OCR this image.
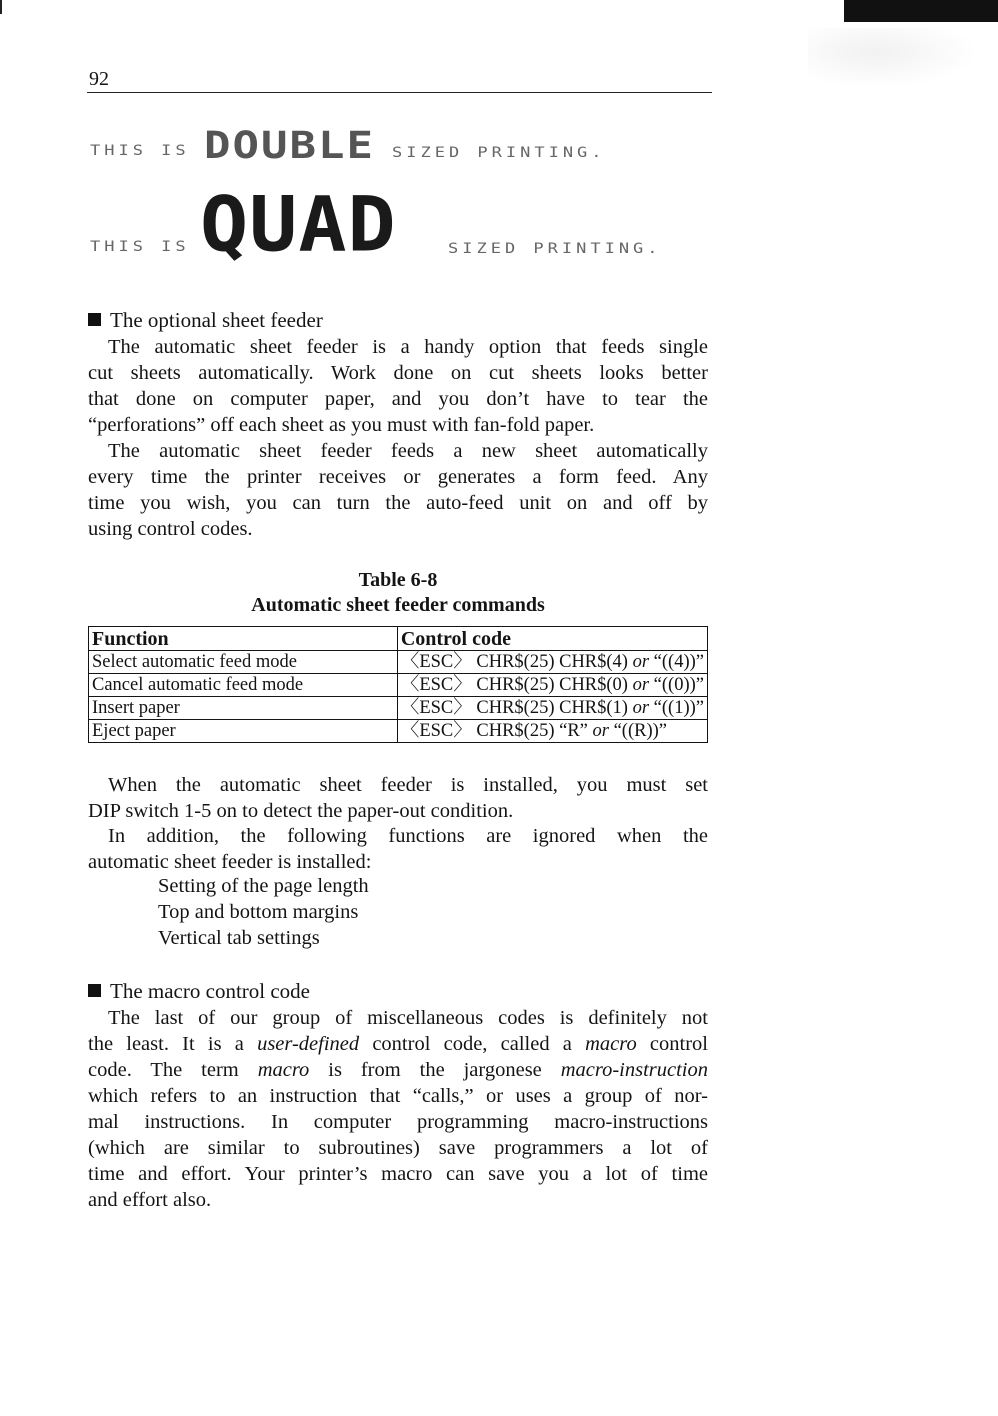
92
THIS IS DOUBLE SIZED PRINTING.
THIS IS QUAD	SIZED PRINTING.
The optional sheet feeder
The automatic sheet feeder is a handy option that feeds single
cut sheets automatically. Work done on cut sheets looks better
that done on computer paper, and you don’t have to tear the
“perforations” off each sheet as you must with fan-fold paper.
The automatic sheet feeder feeds a new sheet automatically
every time the printer receives or generates a form feed. Any
time you wish, you can turn the auto-feed unit on and off by
using control codes.
Table 6-8
Automatic sheet feeder commands
Function	Control code
Select automatic feed mode	〈ESC〉 CHR$(25) CHR$(4) or “((4))”
Cancel automatic feed mode	〈ESC〉 CHR$(25) CHR$(0) or “((0))”
Insert paper	〈ESC〉 CHR$(25) CHR$(1) or “((1))”
Eject paper	〈ESC〉 CHR$(25) “R” or “((R))”
When the automatic sheet feeder is installed, you must set
DIP switch 1-5 on to detect the paper-out condition.
In addition, the following functions are ignored when the
automatic sheet feeder is installed:
Setting of the page length
Top and bottom margins
Vertical tab settings
The macro control code
The last of our group of miscellaneous codes is definitely not
the least. It is a user-defined control code, called a macro control
code. The term macro is from the jargonese macro-instruction
which refers to an instruction that “calls,” or uses a group of nor-
mal instructions. In computer programming macro-instructions
(which are similar to subroutines) save programmers a lot of
time and effort. Your printer’s macro can save you a lot of time
and effort also.
